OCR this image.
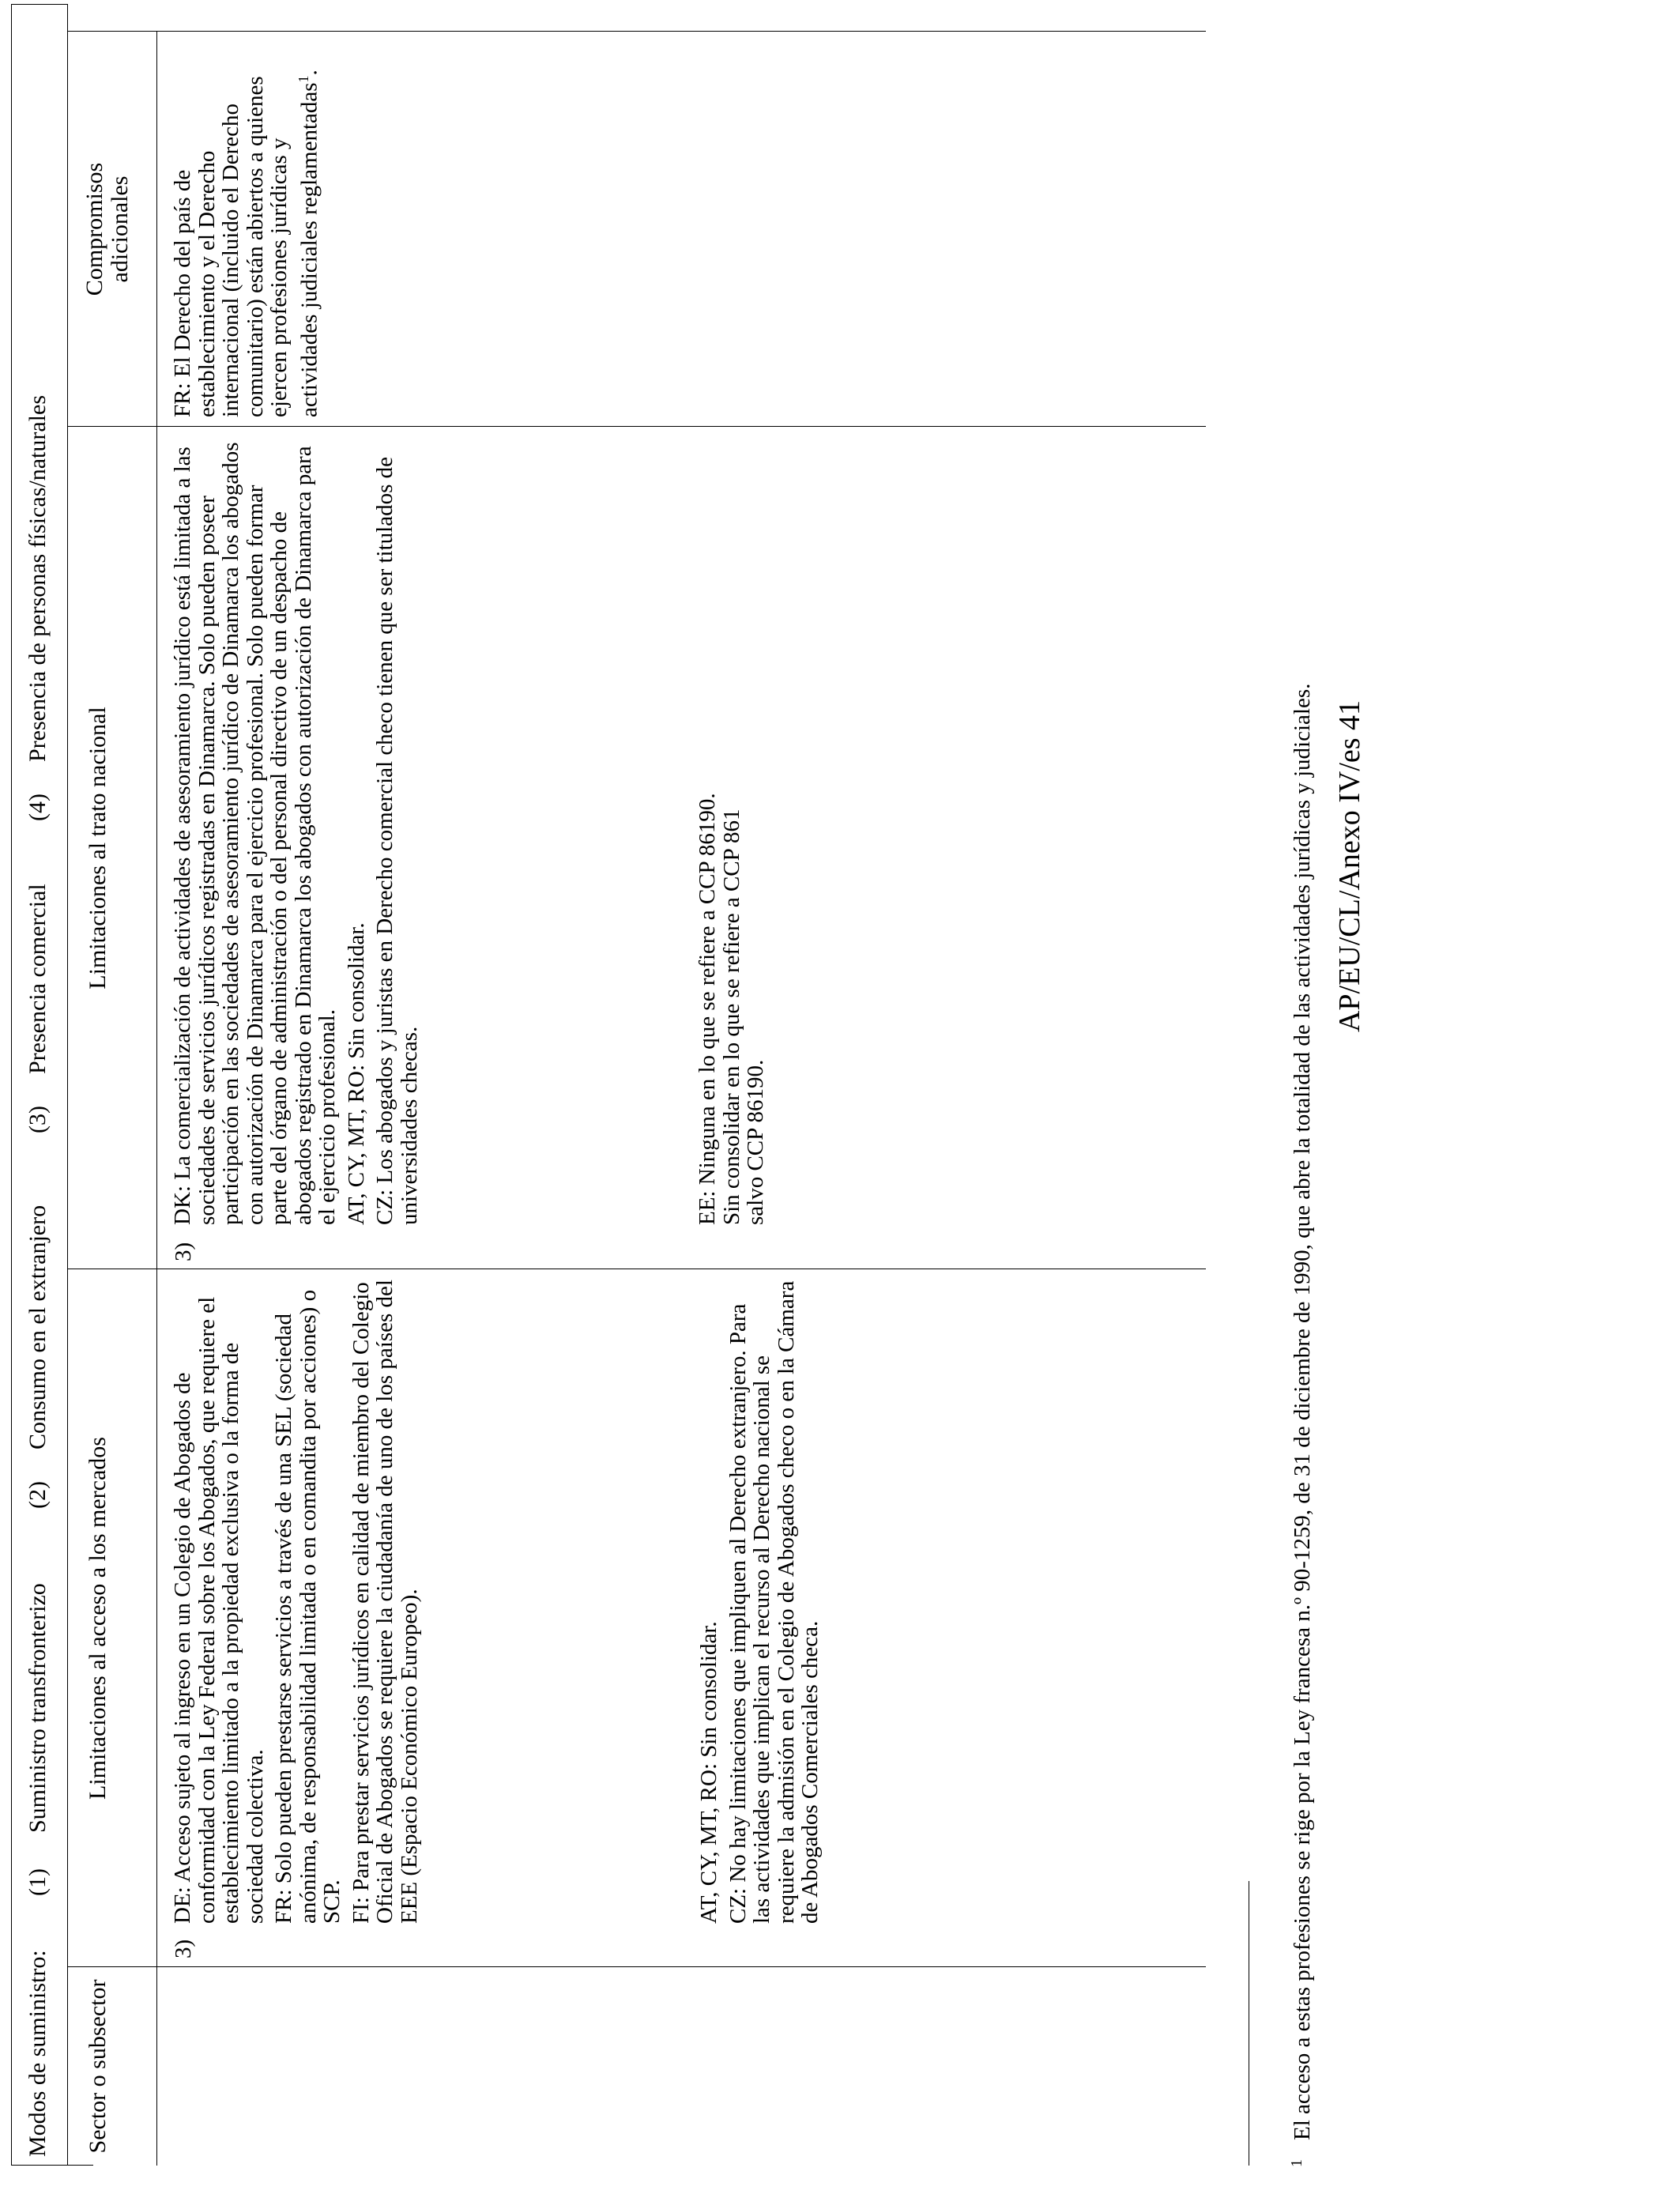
Modos de suministro:
(1)
Suministro transfronterizo
(2)
Consumo en el extranjero
(3)
Presencia comercial
(4)
Presencia de personas físicas/naturales
Sector o subsector
Limitaciones al acceso a los mercados
Limitaciones al trato nacional
Compromisos adicionales
3)

DE: Acceso sujeto al ingreso en un Colegio de Abogados de conformidad con la Ley Federal sobre los Abogados, que requiere el establecimiento limitado a la propiedad exclusiva o la forma de sociedad colectiva. FR: Solo pueden prestarse servicios a través de una SEL (sociedad anónima, de responsabilidad limitada o en comandita por acciones) o SCP. FI: Para prestar servicios jurídicos en calidad de miembro del Colegio Oficial de Abogados se requiere la ciudadanía de uno de los países del EEE (Espacio Económico Europeo).	AT, CY, MT, RO: Sin consolidar. CZ: No hay limitaciones que impliquen al Derecho extranjero. Para las actividades que implican el recurso al Derecho nacional se requiere la admisión en el Colegio de Abogados checo o en la Cámara de Abogados Comerciales checa.

3)

DK: La comercialización de actividades de asesoramiento jurídico está limitada a las sociedades de servicios jurídicos registradas en Dinamarca. Solo pueden poseer participación en las sociedades de asesoramiento jurídico de Dinamarca los abogados con autorización de Dinamarca para el ejercicio profesional. Solo pueden formar parte del órgano de administración o del personal directivo de un despacho de abogados registrado en Dinamarca los abogados con autorización de Dinamarca para el ejercicio profesional. AT, CY, MT, RO: Sin consolidar. CZ: Los abogados y juristas en Derecho comercial checo tienen que ser titulados de universidades checas.	EE: Ninguna en lo que se refiere a CCP 86190. Sin consolidar en lo que se refiere a CCP 861 salvo CCP 86190.

FR: El Derecho del país de establecimiento y el Derecho internacional (incluido el Derecho comunitario) están abiertos a quienes ejercen profesiones jurídicas y actividades judiciales reglamentadas$^1$.

1
El acceso a estas profesiones se rige por la Ley francesa n.º 90-1259, de 31 de diciembre de 1990, que abre la totalidad de las actividades jurídicas y judiciales. AP/EU/CL/Anexo IV/es 41
